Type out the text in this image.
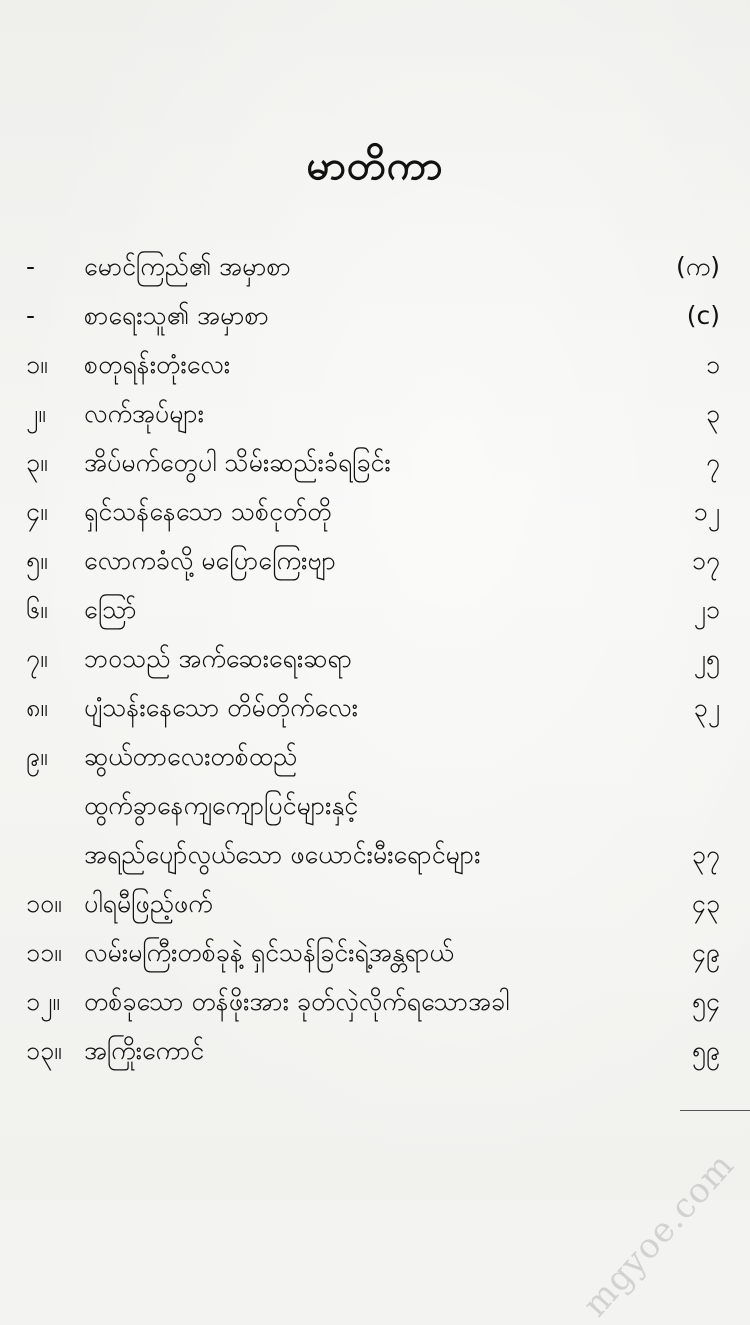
မာတိကာ
-	မောင်ကြည်၏ အမှာစာ	(က)
-	စာရေးသူ၏ အမှာစာ	(c)
၁။	စတုရန်းတုံးလေး	၁
၂။	လက်အုပ်များ	၃
၃။	အိပ်မက်တွေပါ သိမ်းဆည်းခံရခြင်း	၇
၄။	ရှင်သန်နေသော သစ်ငုတ်တို	၁၂
၅။	လောကခံလို့ မပြောကြေးဗျာ	၁၇
၆။	သြော်	၂၁
၇။	ဘဝသည် အက်ဆေးရေးဆရာ	၂၅
၈။	ပျံသန်းနေသော တိမ်တိုက်လေး	၃၂
၉။	ဆွယ်တာလေးတစ်ထည်
ထွက်ခွာနေကျကျောပြင်များနှင့်
အရည်ပျော်လွယ်သော ဖယောင်းမီးရောင်များ	၃၇
၁၀။ ပါရမီဖြည့်ဖက်	၄၃
၁၁။ လမ်းမကြီးတစ်ခုနဲ့ ရှင်သန်ခြင်းရဲ့အန္တရာယ်	၄၉
၁၂။ တစ်ခုသော တန်ဖိုးအား ခုတ်လှဲလိုက်ရသောအခါ	၅၄
၁၃။ အကြိုးကောင်	၅၉
mgyoe.com
